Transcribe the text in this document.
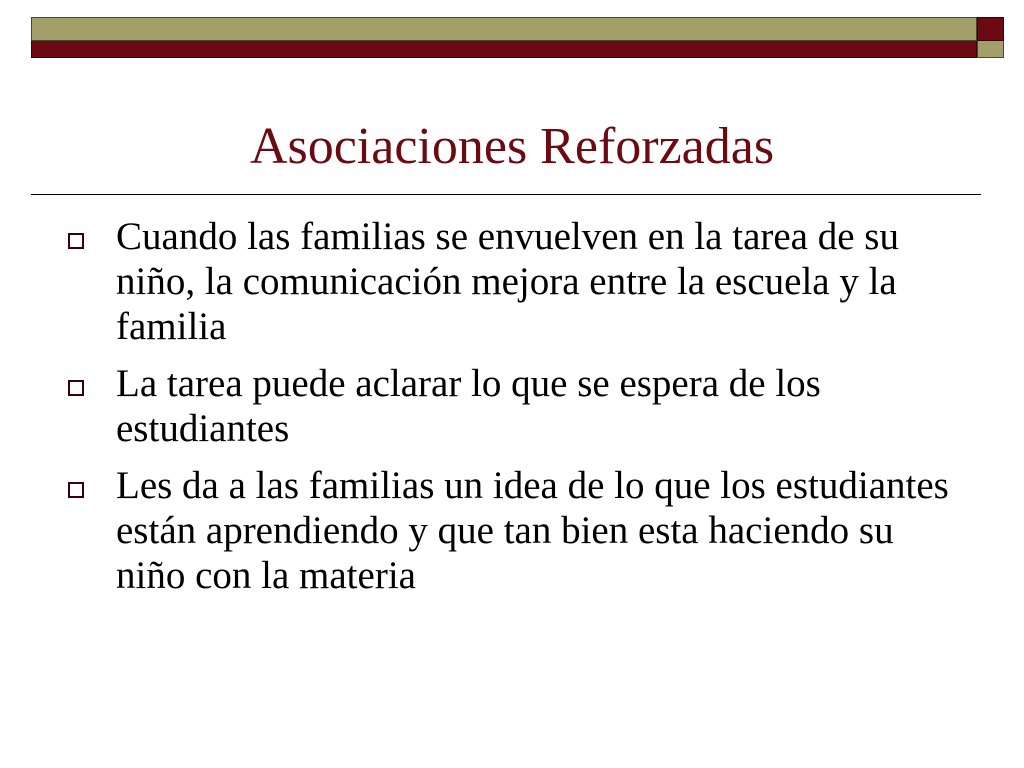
Asociaciones Reforzadas
Cuando las familias se envuelven en la tarea de su niño, la comunicación mejora entre la escuela y la familia
La tarea puede aclarar lo que se espera de los estudiantes
Les da a las familias un idea de lo que los estudiantes están aprendiendo y que tan bien esta haciendo su niño con la materia
